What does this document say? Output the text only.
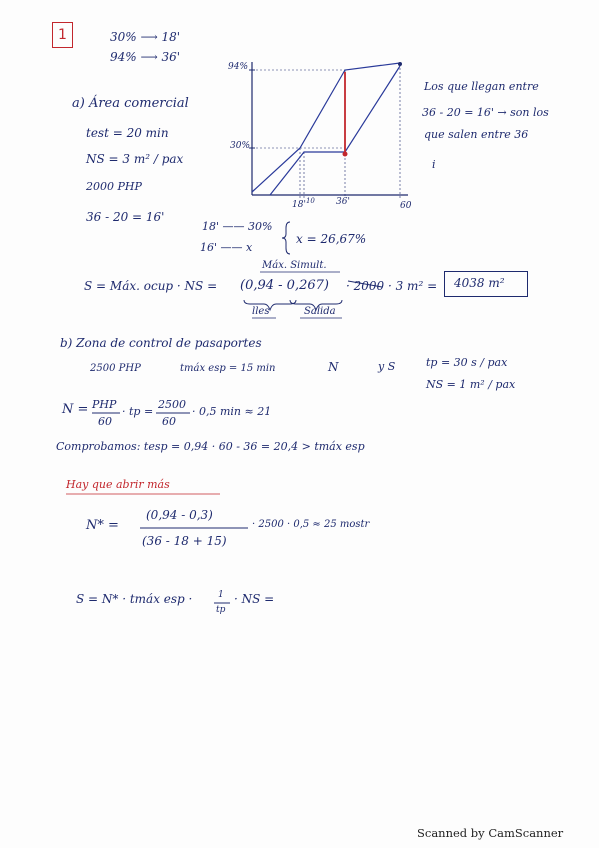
1	30% ⟶ 18'
94% ⟶ 36'
94%
30%
$18'^{10}$ 36'	60
Los que llegan entre
36 - 20 = 16' → son los
que salen entre 36
i
a) Área comercial
test = 20 min
NS = 3 m² / pax
2000 PHP
36 - 20 = 16'
18' —— 30%
16' —— x
x = 26,67%
Máx. Simult.
S = Máx. ocup · NS = (0,94 - 0,267) · 2000 · 3 m² = 4038 m²
lles	Salida
b) Zona de control de pasaportes
2500 PHP	tmáx esp = 15 min	N	y S	tp = 30 s / pax
NS = 1 m² / pax
N = PHP
60
· tp =
2500
60
· 0,5 min ≈ 21
Comprobamos: tesp = 0,94 · 60 - 36 = 20,4 > tmáx esp
Hay que abrir más
N* =
(0,94 - 0,3)
(36 - 18 + 15)
· 2500 · 0,5 ≈ 25 mostr
S = N* · tmáx esp ·	1
tp
· NS =
Scanned by CamScanner
